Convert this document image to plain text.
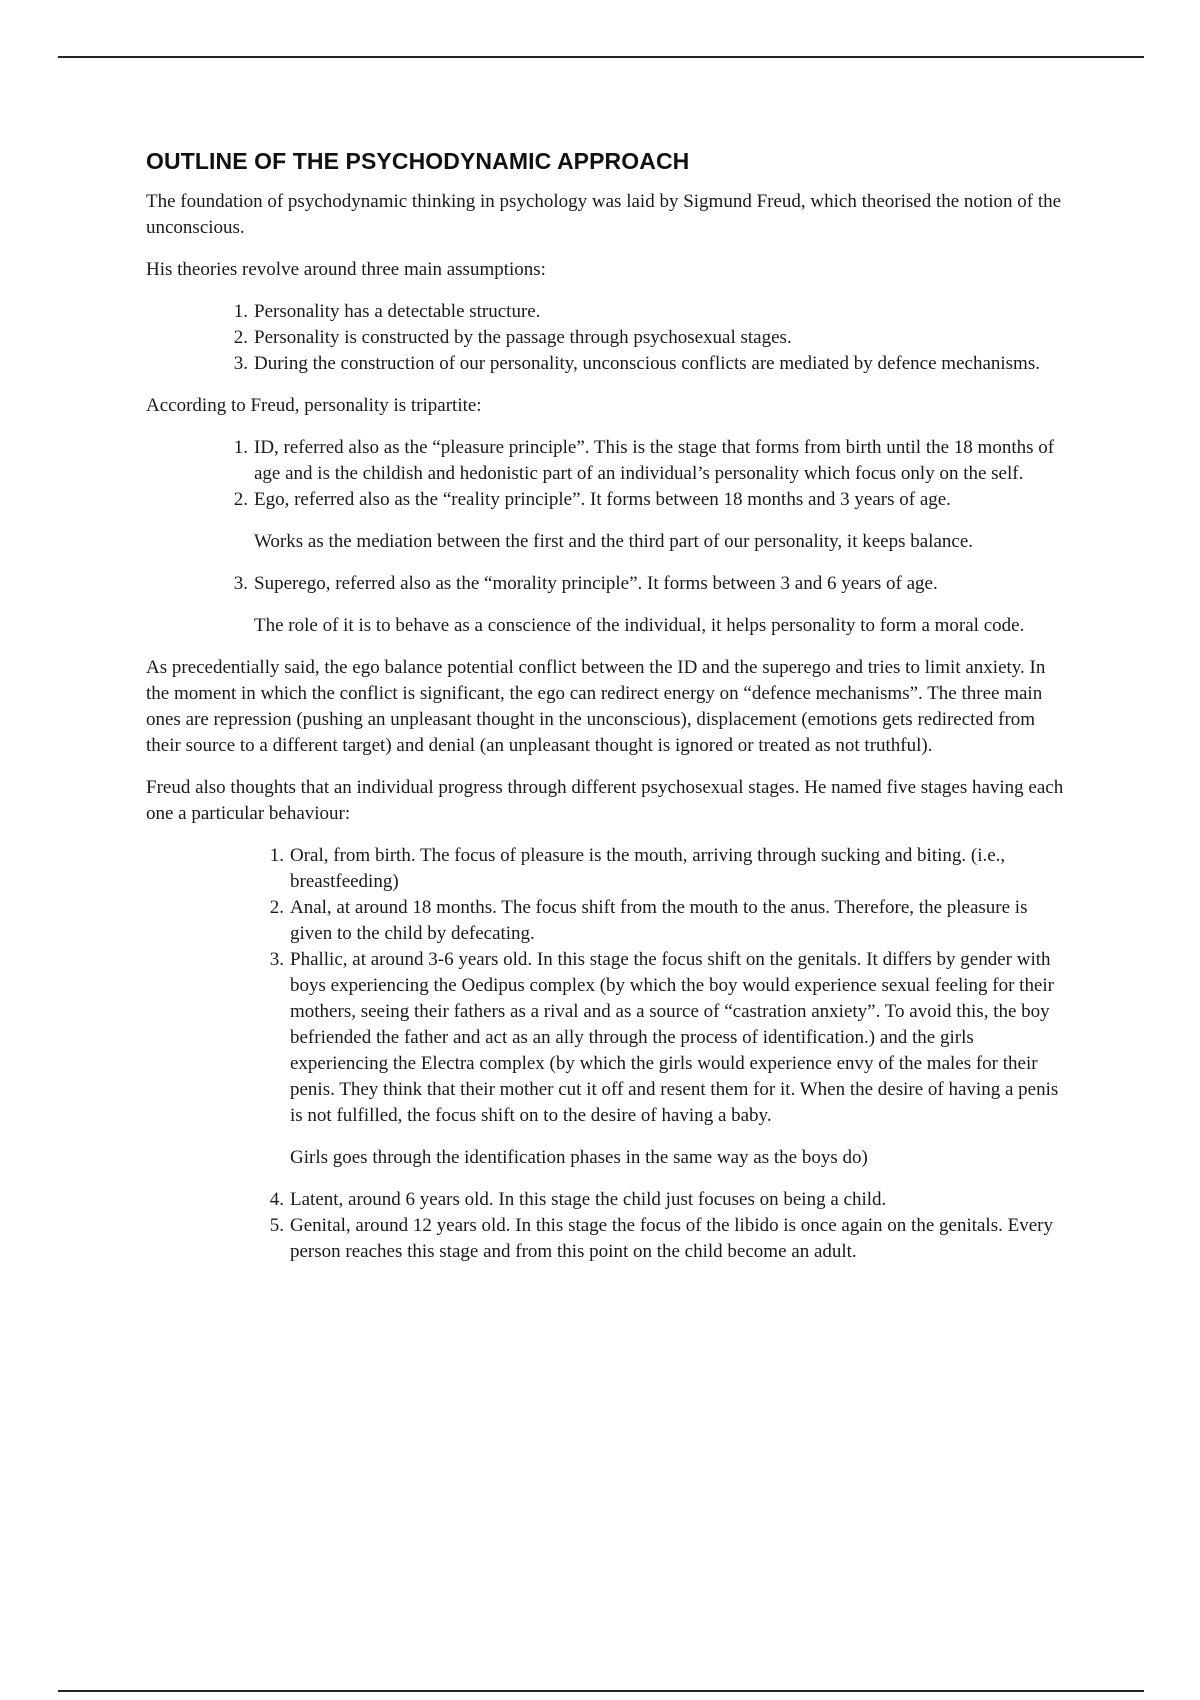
OUTLINE OF THE PSYCHODYNAMIC APPROACH

The foundation of psychodynamic thinking in psychology was laid by Sigmund Freud, which theorised the notion of the unconscious.

His theories revolve around three main assumptions:

1. Personality has a detectable structure.
2. Personality is constructed by the passage through psychosexual stages.
3. During the construction of our personality, unconscious conflicts are mediated by defence mechanisms.

According to Freud, personality is tripartite:

1. ID, referred also as the “pleasure principle”. This is the stage that forms from birth until the 18 months of age and is the childish and hedonistic part of an individual’s personality which focus only on the self.
2. Ego, referred also as the “reality principle”. It forms between 18 months and 3 years of age.
Works as the mediation between the first and the third part of our personality, it keeps balance.
3. Superego, referred also as the “morality principle”. It forms between 3 and 6 years of age.
The role of it is to behave as a conscience of the individual, it helps personality to form a moral code.

As precedentially said, the ego balance potential conflict between the ID and the superego and tries to limit anxiety. In the moment in which the conflict is significant, the ego can redirect energy on “defence mechanisms”. The three main ones are repression (pushing an unpleasant thought in the unconscious), displacement (emotions gets redirected from their source to a different target) and denial (an unpleasant thought is ignored or treated as not truthful).

Freud also thoughts that an individual progress through different psychosexual stages. He named five stages having each one a particular behaviour:

1. Oral, from birth. The focus of pleasure is the mouth, arriving through sucking and biting. (i.e., breastfeeding)
2. Anal, at around 18 months. The focus shift from the mouth to the anus. Therefore, the pleasure is given to the child by defecating.
3. Phallic, at around 3-6 years old. In this stage the focus shift on the genitals. It differs by gender with boys experiencing the Oedipus complex (by which the boy would experience sexual feeling for their mothers, seeing their fathers as a rival and as a source of “castration anxiety”. To avoid this, the boy befriended the father and act as an ally through the process of identification.) and the girls experiencing the Electra complex (by which the girls would experience envy of the males for their penis. They think that their mother cut it off and resent them for it. When the desire of having a penis is not fulfilled, the focus shift on to the desire of having a baby.
Girls goes through the identification phases in the same way as the boys do)
4. Latent, around 6 years old. In this stage the child just focuses on being a child.
5. Genital, around 12 years old. In this stage the focus of the libido is once again on the genitals. Every person reaches this stage and from this point on the child become an adult.
